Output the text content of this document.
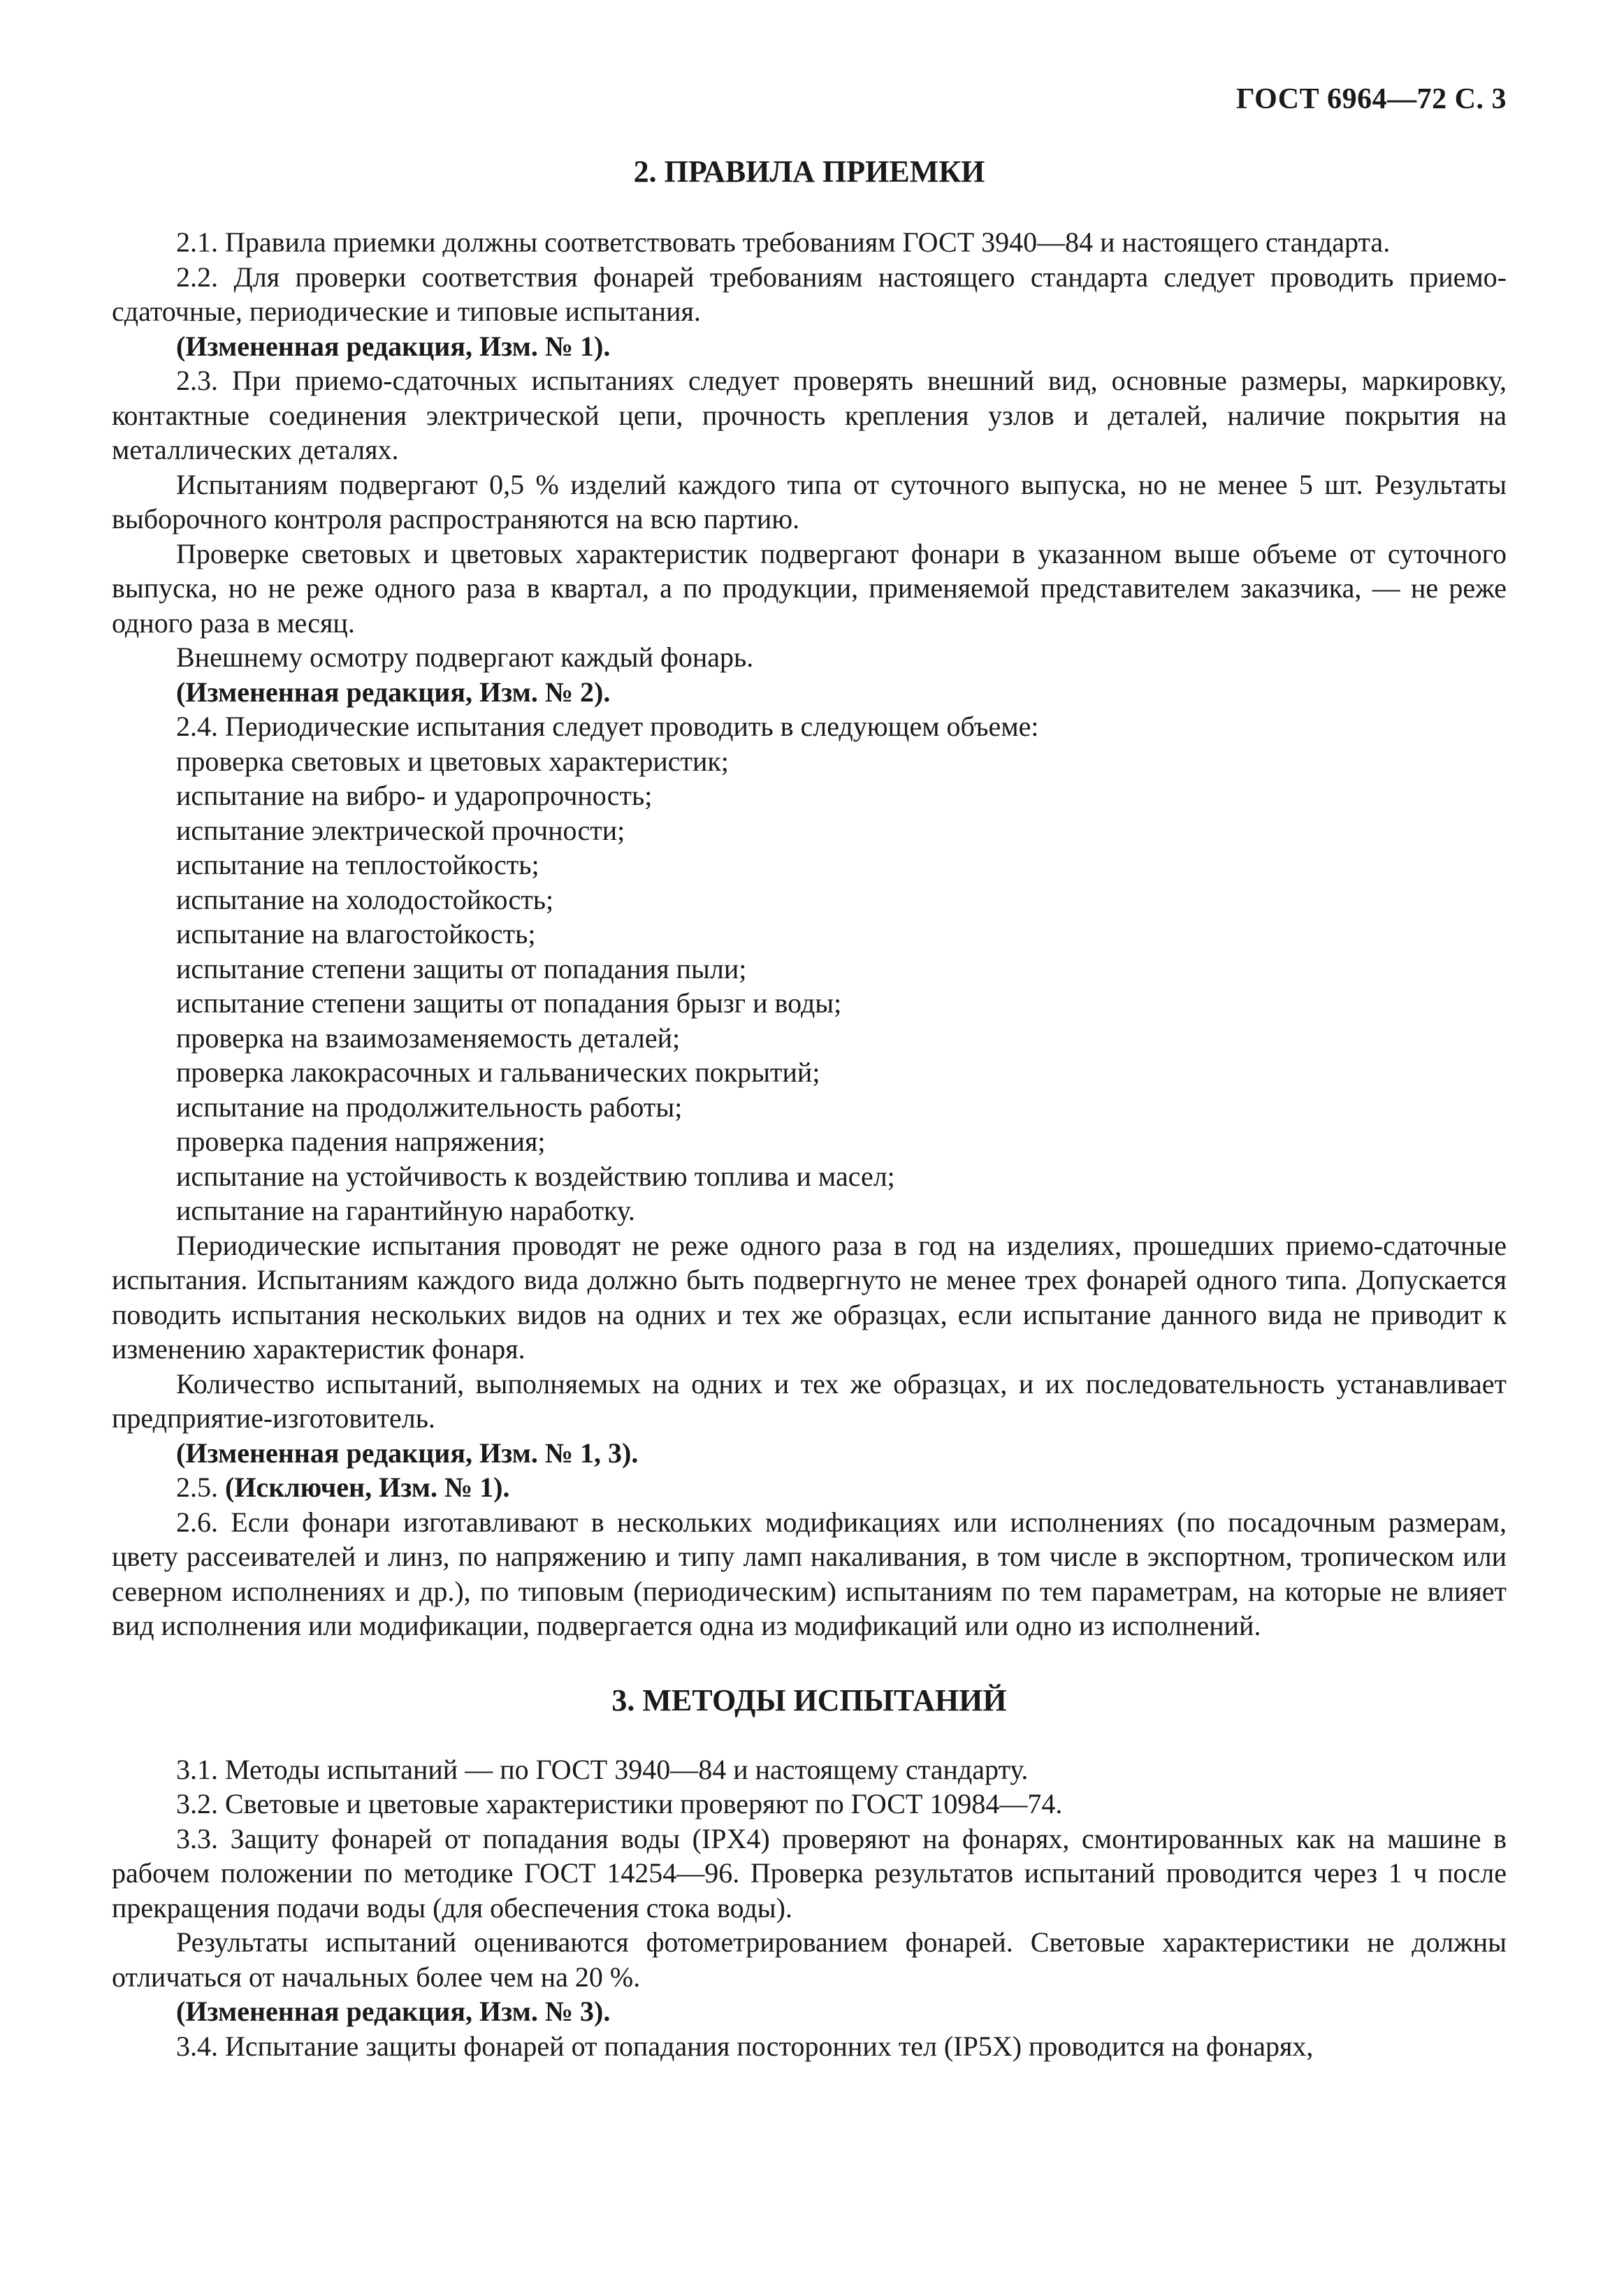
ГОСТ 6964—72 С. 3
2. ПРАВИЛА ПРИЕМКИ

2.1. Правила приемки должны соответствовать требованиям ГОСТ 3940—84 и настоящего стандарта.

2.2. Для проверки соответствия фонарей требованиям настоящего стандарта следует проводить приемо-сдаточные, периодические и типовые испытания.

(Измененная редакция, Изм. № 1).

2.3. При приемо-сдаточных испытаниях следует проверять внешний вид, основные размеры, маркировку, контактные соединения электрической цепи, прочность крепления узлов и деталей, наличие покрытия на металлических деталях.

Испытаниям подвергают 0,5 % изделий каждого типа от суточного выпуска, но не менее 5 шт. Результаты выборочного контроля распространяются на всю партию.

Проверке световых и цветовых характеристик подвергают фонари в указанном выше объеме от суточного выпуска, но не реже одного раза в квартал, а по продукции, применяемой представителем заказчика, — не реже одного раза в месяц.

Внешнему осмотру подвергают каждый фонарь.

(Измененная редакция, Изм. № 2).

2.4. Периодические испытания следует проводить в следующем объеме:

проверка световых и цветовых характеристик;

испытание на вибро- и ударопрочность;

испытание электрической прочности;

испытание на теплостойкость;

испытание на холодостойкость;

испытание на влагостойкость;

испытание степени защиты от попадания пыли;

испытание степени защиты от попадания брызг и воды;

проверка на взаимозаменяемость деталей;

проверка лакокрасочных и гальванических покрытий;

испытание на продолжительность работы;

проверка падения напряжения;

испытание на устойчивость к воздействию топлива и масел;

испытание на гарантийную наработку.

Периодические испытания проводят не реже одного раза в год на изделиях, прошедших приемо-сдаточные испытания. Испытаниям каждого вида должно быть подвергнуто не менее трех фонарей одного типа. Допускается поводить испытания нескольких видов на одних и тех же образцах, если испытание данного вида не приводит к изменению характеристик фонаря.

Количество испытаний, выполняемых на одних и тех же образцах, и их последовательность устанавливает предприятие-изготовитель.

(Измененная редакция, Изм. № 1, 3).

2.5. (Исключен, Изм. № 1).

2.6. Если фонари изготавливают в нескольких модификациях или исполнениях (по посадочным размерам, цвету рассеивателей и линз, по напряжению и типу ламп накаливания, в том числе в экспортном, тропическом или северном исполнениях и др.), по типовым (периодическим) испытаниям по тем параметрам, на которые не влияет вид исполнения или модификации, подвергается одна из модификаций или одно из исполнений.

3. МЕТОДЫ ИСПЫТАНИЙ

3.1. Методы испытаний — по ГОСТ 3940—84 и настоящему стандарту.

3.2. Световые и цветовые характеристики проверяют по ГОСТ 10984—74.

3.3. Защиту фонарей от попадания воды (IPX4) проверяют на фонарях, смонтированных как на машине в рабочем положении по методике ГОСТ 14254—96. Проверка результатов испытаний проводится через 1 ч после прекращения подачи воды (для обеспечения стока воды).

Результаты испытаний оцениваются фотометрированием фонарей. Световые характеристики не должны отличаться от начальных более чем на 20 %.

(Измененная редакция, Изм. № 3).

3.4. Испытание защиты фонарей от попадания посторонних тел (IP5X) проводится на фонарях,
